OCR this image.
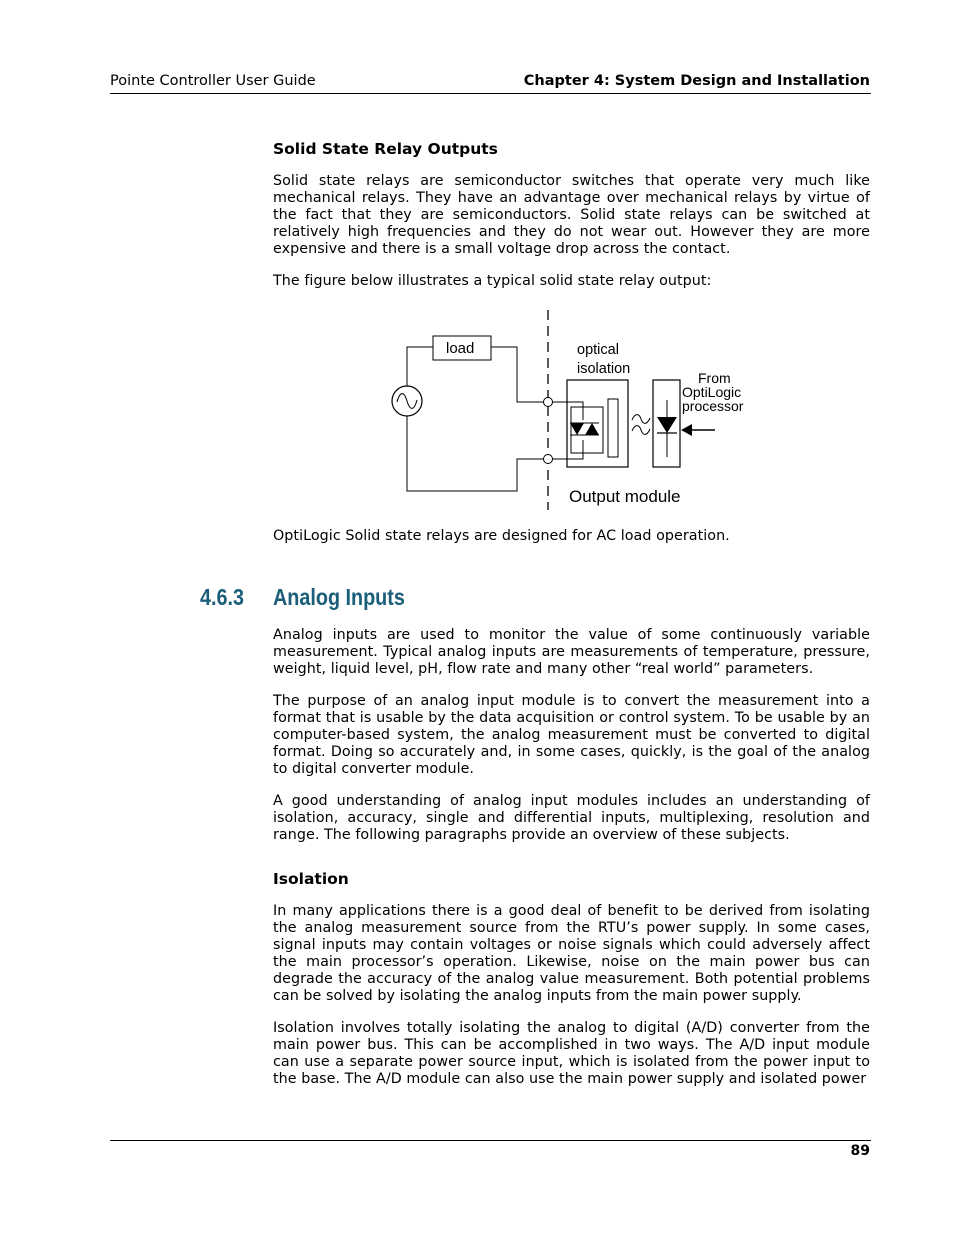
Pointe Controller User Guide	Chapter 4: System Design and Installation
Solid State Relay Outputs

Solid state relays are semiconductor switches that operate very much like mechanical relays. They have an advantage over mechanical relays by virtue of the fact that they are semiconductors. Solid state relays can be switched at relatively high frequencies and they do not wear out. However they are more expensive and there is a small voltage drop across the contact.

The figure below illustrates a typical solid state relay output:

load	optical
isolation
From
OptiLogic
processor
Output module

OptiLogic Solid state relays are designed for AC load operation.

4.6.3 Analog Inputs

Analog inputs are used to monitor the value of some continuously variable measurement. Typical analog inputs are measurements of temperature, pressure, weight, liquid level, pH, flow rate and many other “real world” parameters.

The purpose of an analog input module is to convert the measurement into a format that is usable by the data acquisition or control system. To be usable by an computer-based system, the analog measurement must be converted to digital format. Doing so accurately and, in some cases, quickly, is the goal of the analog to digital converter module.

A good understanding of analog input modules includes an understanding of isolation, accuracy, single and differential inputs, multiplexing, resolution and range. The following paragraphs provide an overview of these subjects.

Isolation

In many applications there is a good deal of benefit to be derived from isolating the analog measurement source from the RTU’s power supply. In some cases, signal inputs may contain voltages or noise signals which could adversely affect the main processor’s operation. Likewise, noise on the main power bus can degrade the accuracy of the analog value measurement. Both potential problems can be solved by isolating the analog inputs from the main power supply.

Isolation involves totally isolating the analog to digital (A/D) converter from the main power bus. This can be accomplished in two ways. The A/D input module can use a separate power source input, which is isolated from the power input to the base. The A/D module can also use the main power supply and isolated power

89
